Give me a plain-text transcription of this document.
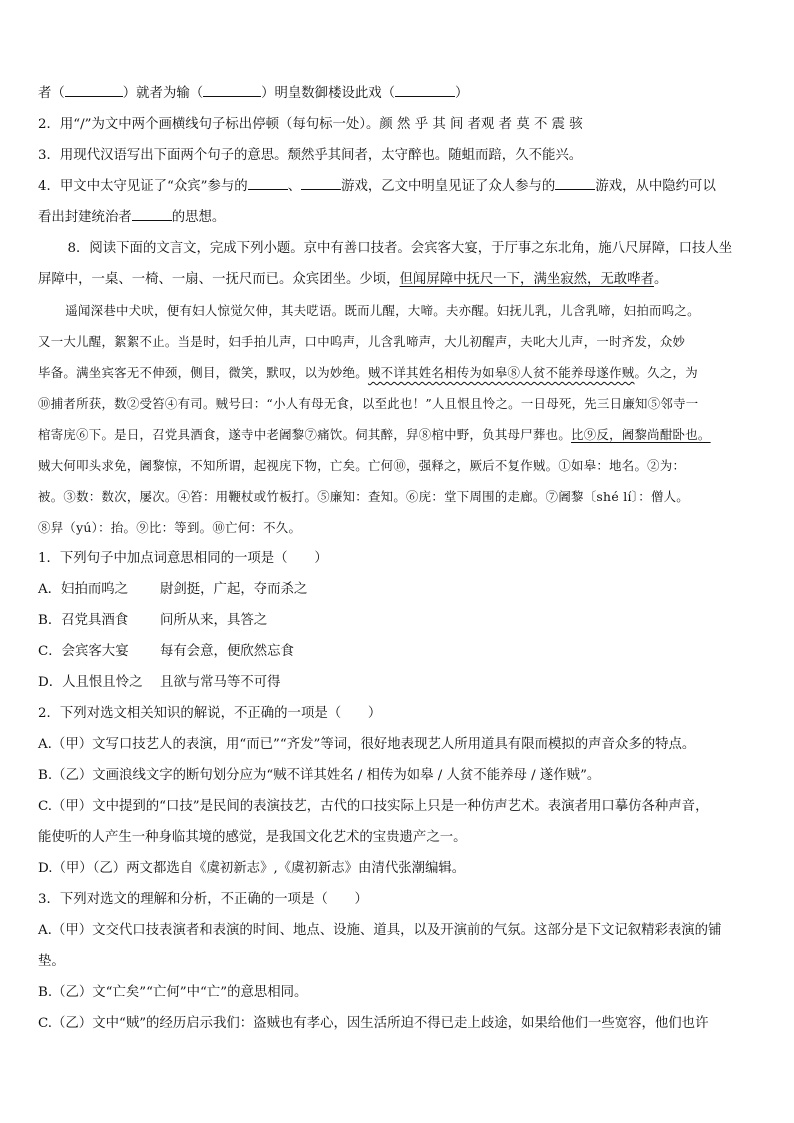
者（	）就者为输（	）明皇数御楼设此戏（	）
2．用“/”为文中两个画横线句子标出停顿（每句标一处）。颜 然 乎 其 间 者观 者 莫 不 震 骇
3．用现代汉语写出下面两个句子的意思。颓然乎其间者，太守醉也。随蛆而踣，久不能兴。
4．甲文中太守见证了“众宾”参与的	、	游戏，乙文中明皇见证了众人参与的	游戏，从中隐约可以
看出封建统治者	的思想。
8．阅读下面的文言文，完成下列小题。京中有善口技者。会宾客大宴，于厅事之东北角，施八尺屏障，口技人坐
屏障中，一桌、一椅、一扇、一抚尺而已。众宾团坐。少顷，但闻屏障中抚尺一下，满坐寂然，无敢哗者。
遥闻深巷中犬吠，便有妇人惊觉欠伸，其夫呓语。既而儿醒，大啼。夫亦醒。妇抚儿乳，儿含乳啼，妇拍而呜之。
又一大儿醒，絮絮不止。当是时，妇手拍儿声，口中呜声，儿含乳啼声，大儿初醒声，夫叱大儿声，一时齐发，众妙
毕备。满坐宾客无不伸颈，侧目，微笑，默叹，以为妙绝。贼不详其姓名相传为如皋⑧人贫不能养母遂作贼。久之，为
⑩捕者所获，数②受笞④有司。贼号曰：“小人有母无食，以至此也！”人且恨且怜之。一日母死，先三日廉知⑤邻寺一
棺寄庑⑥下。是日，召党具酒食，遂寺中老阇黎⑦痛饮。伺其醉，舁⑧棺中野，负其母尸葬也。比⑨反，阇黎尚酣卧也。
贼大何叩头求免，阇黎惊，不知所谓，起视庑下物，亡矣。亡何⑩，强释之，厥后不复作贼。①如皋：地名。②为：
被。③数：数次，屡次。④笞：用鞭杖或竹板打。⑤廉知：查知。⑥庑：堂下周围的走廊。⑦阇黎〔shé lí〕：僧人。
⑧舁（yú）：抬。⑨比：等到。⑩亡何：不久。
1．下列句子中加点词意思相同的一项是（　　）
A．妇拍而呜之 尉剑挺，广起，夺而杀之
B．召党具酒食 问所从来，具答之
C．会宾客大宴 每有会意，便欣然忘食
D．人且恨且怜之 且欲与常马等不可得
2．下列对选文相关知识的解说，不正确的一项是（　　）
A.（甲）文写口技艺人的表演，用“而已”“齐发”等词，很好地表现艺人所用道具有限而模拟的声音众多的特点。
B.（乙）文画浪线文字的断句划分应为“贼不详其姓名 / 相传为如皋 / 人贫不能养母 / 遂作贼”。
C.（甲）文中提到的“口技”是民间的表演技艺，古代的口技实际上只是一种仿声艺术。表演者用口摹仿各种声音，
能使听的人产生一种身临其境的感觉，是我国文化艺术的宝贵遗产之一。
D.（甲）（乙）两文都选自《虞初新志》,《虞初新志》由清代张潮编辑。
3．下列对选文的理解和分析，不正确的一项是（　　）
A.（甲）文交代口技表演者和表演的时间、地点、设施、道具，以及开演前的气氛。这部分是下文记叙精彩表演的铺
垫。
B.（乙）文“亡矣”“亡何”中“亡”的意思相同。
C.（乙）文中“贼”的经历启示我们：盗贼也有孝心，因生活所迫不得已走上歧途，如果给他们一些宽容，他们也许
